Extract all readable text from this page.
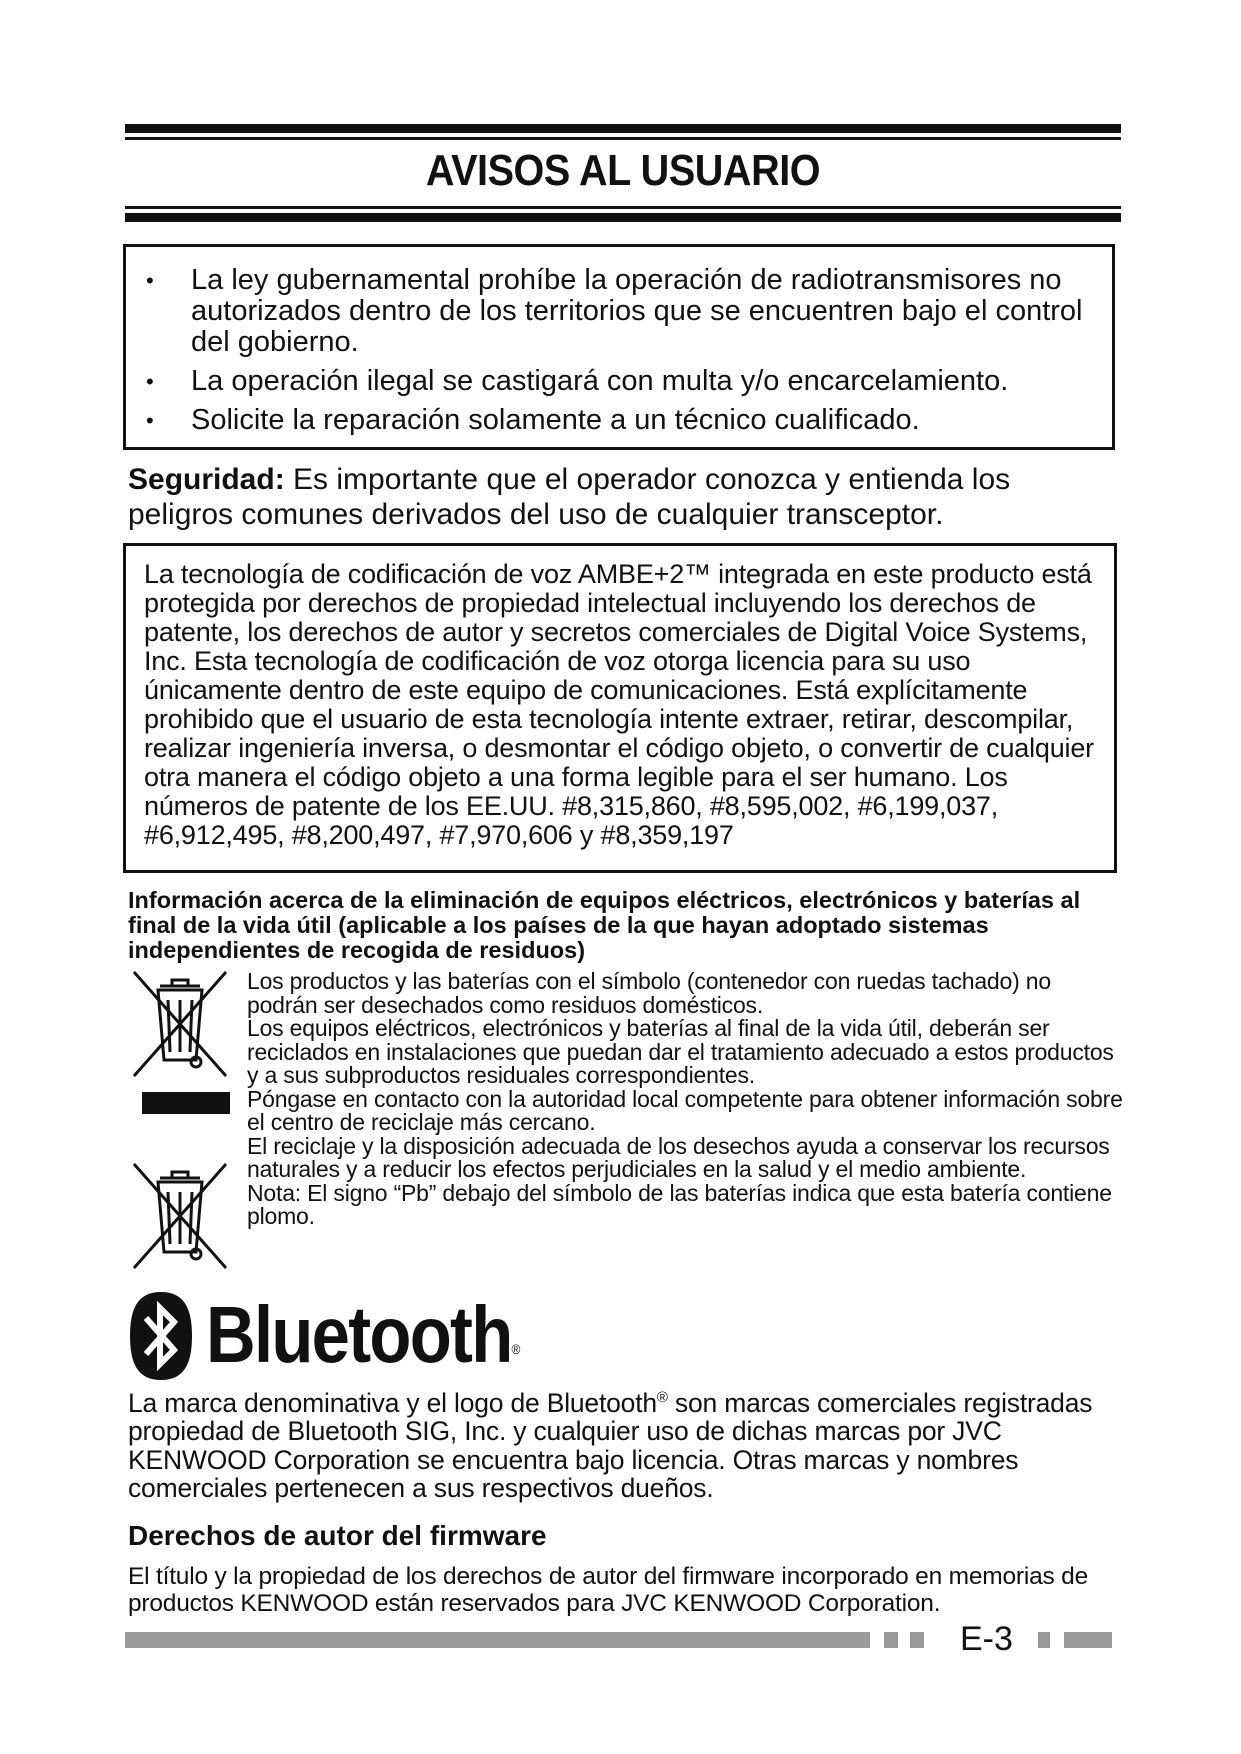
AVISOS AL USUARIO
• La ley gubernamental prohíbe la operación de radiotransmisores no autorizados dentro de los territorios que se encuentren bajo el control del gobierno.
• La operación ilegal se castigará con multa y/o encarcelamiento.
• Solicite la reparación solamente a un técnico cualificado.
Seguridad: Es importante que el operador conozca y entienda los peligros comunes derivados del uso de cualquier transceptor.

La tecnología de codificación de voz AMBE+2™ integrada en este producto está protegida por derechos de propiedad intelectual incluyendo los derechos de patente, los derechos de autor y secretos comerciales de Digital Voice Systems, Inc. Esta tecnología de codificación de voz otorga licencia para su uso únicamente dentro de este equipo de comunicaciones. Está explícitamente prohibido que el usuario de esta tecnología intente extraer, retirar, descompilar, realizar ingeniería inversa, o desmontar el código objeto, o convertir de cualquier otra manera el código objeto a una forma legible para el ser humano. Los números de patente de los EE.UU. #8,315,860, #8,595,002, #6,199,037, #6,912,495, #8,200,497, #7,970,606 y #8,359,197

Información acerca de la eliminación de equipos eléctricos, electrónicos y baterías al final de la vida útil (aplicable a los países de la que hayan adoptado sistemas independientes de recogida de residuos)

Los productos y las baterías con el símbolo (contenedor con ruedas tachado) no podrán ser desechados como residuos domésticos.

Los equipos eléctricos, electrónicos y baterías al final de la vida útil, deberán ser reciclados en instalaciones que puedan dar el tratamiento adecuado a estos productos y a sus subproductos residuales correspondientes.

Póngase en contacto con la autoridad local competente para obtener información sobre el centro de reciclaje más cercano.

El reciclaje y la disposición adecuada de los desechos ayuda a conservar los recursos naturales y a reducir los efectos perjudiciales en la salud y el medio ambiente.

Nota: El signo “Pb” debajo del símbolo de las baterías indica que esta batería contiene plomo.

Bluetooth®
La marca denominativa y el logo de Bluetooth® son marcas comerciales registradas propiedad de Bluetooth SIG, Inc. y cualquier uso de dichas marcas por JVC KENWOOD Corporation se encuentra bajo licencia. Otras marcas y nombres comerciales pertenecen a sus respectivos dueños.
Derechos de autor del firmware
El título y la propiedad de los derechos de autor del firmware incorporado en memorias de productos KENWOOD están reservados para JVC KENWOOD Corporation.
E-3
